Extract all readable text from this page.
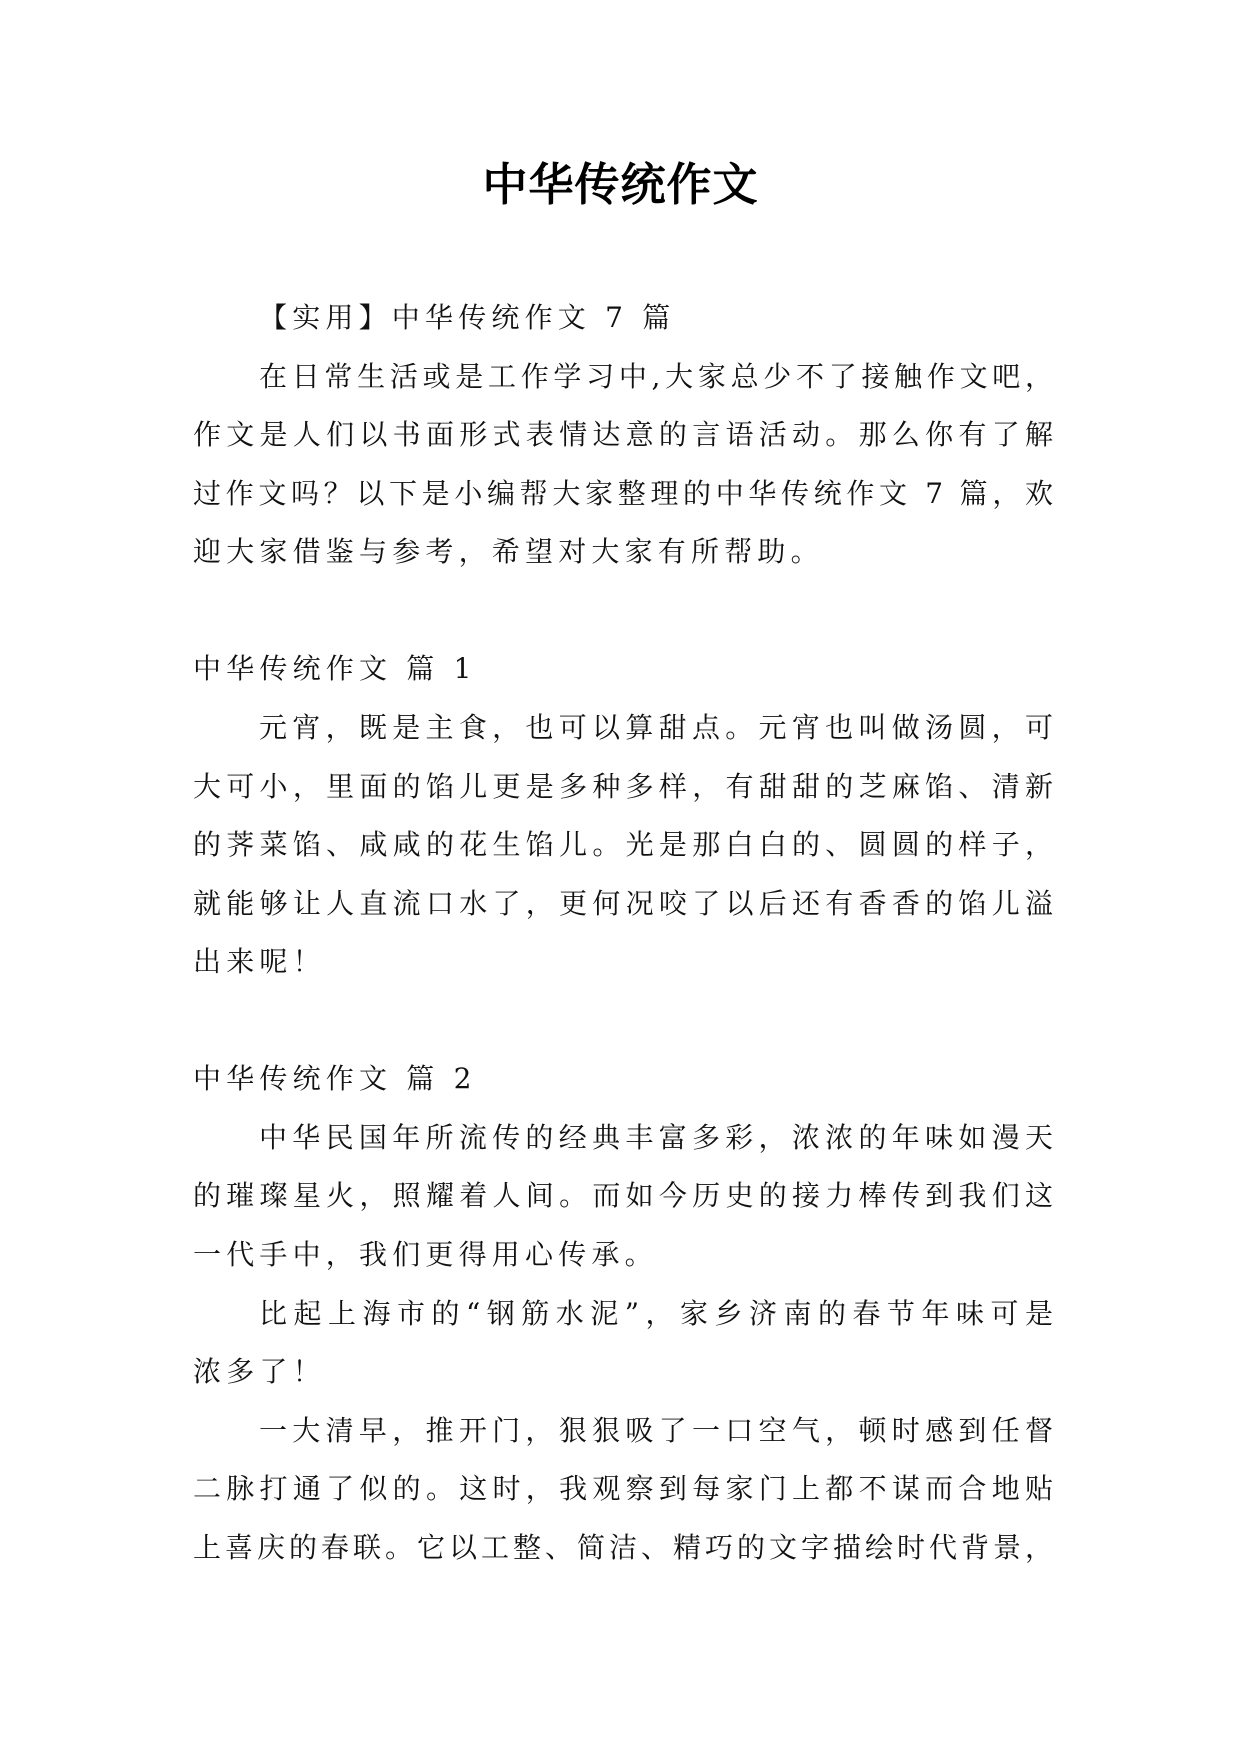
中华传统作文
【实用】中华传统作文 7 篇
在日常生活或是工作学习中,大家总少不了接触作文吧，
作文是人们以书面形式表情达意的言语活动。那么你有了解
过作文吗？以下是小编帮大家整理的中华传统作文 7 篇，欢
迎大家借鉴与参考，希望对大家有所帮助。
中华传统作文 篇 1
元宵，既是主食，也可以算甜点。元宵也叫做汤圆，可
大可小，里面的馅儿更是多种多样，有甜甜的芝麻馅、清新
的荠菜馅、咸咸的花生馅儿。光是那白白的、圆圆的样子，
就能够让人直流口水了，更何况咬了以后还有香香的馅儿溢
出来呢！
中华传统作文 篇 2
中华民国年所流传的经典丰富多彩，浓浓的年味如漫天
的璀璨星火，照耀着人间。而如今历史的接力棒传到我们这
一代手中，我们更得用心传承。
比起上海市的“钢筋水泥”，家乡济南的春节年味可是
浓多了！
一大清早，推开门，狠狠吸了一口空气，顿时感到任督
二脉打通了似的。这时，我观察到每家门上都不谋而合地贴
上喜庆的春联。它以工整、简洁、精巧的文字描绘时代背景，
